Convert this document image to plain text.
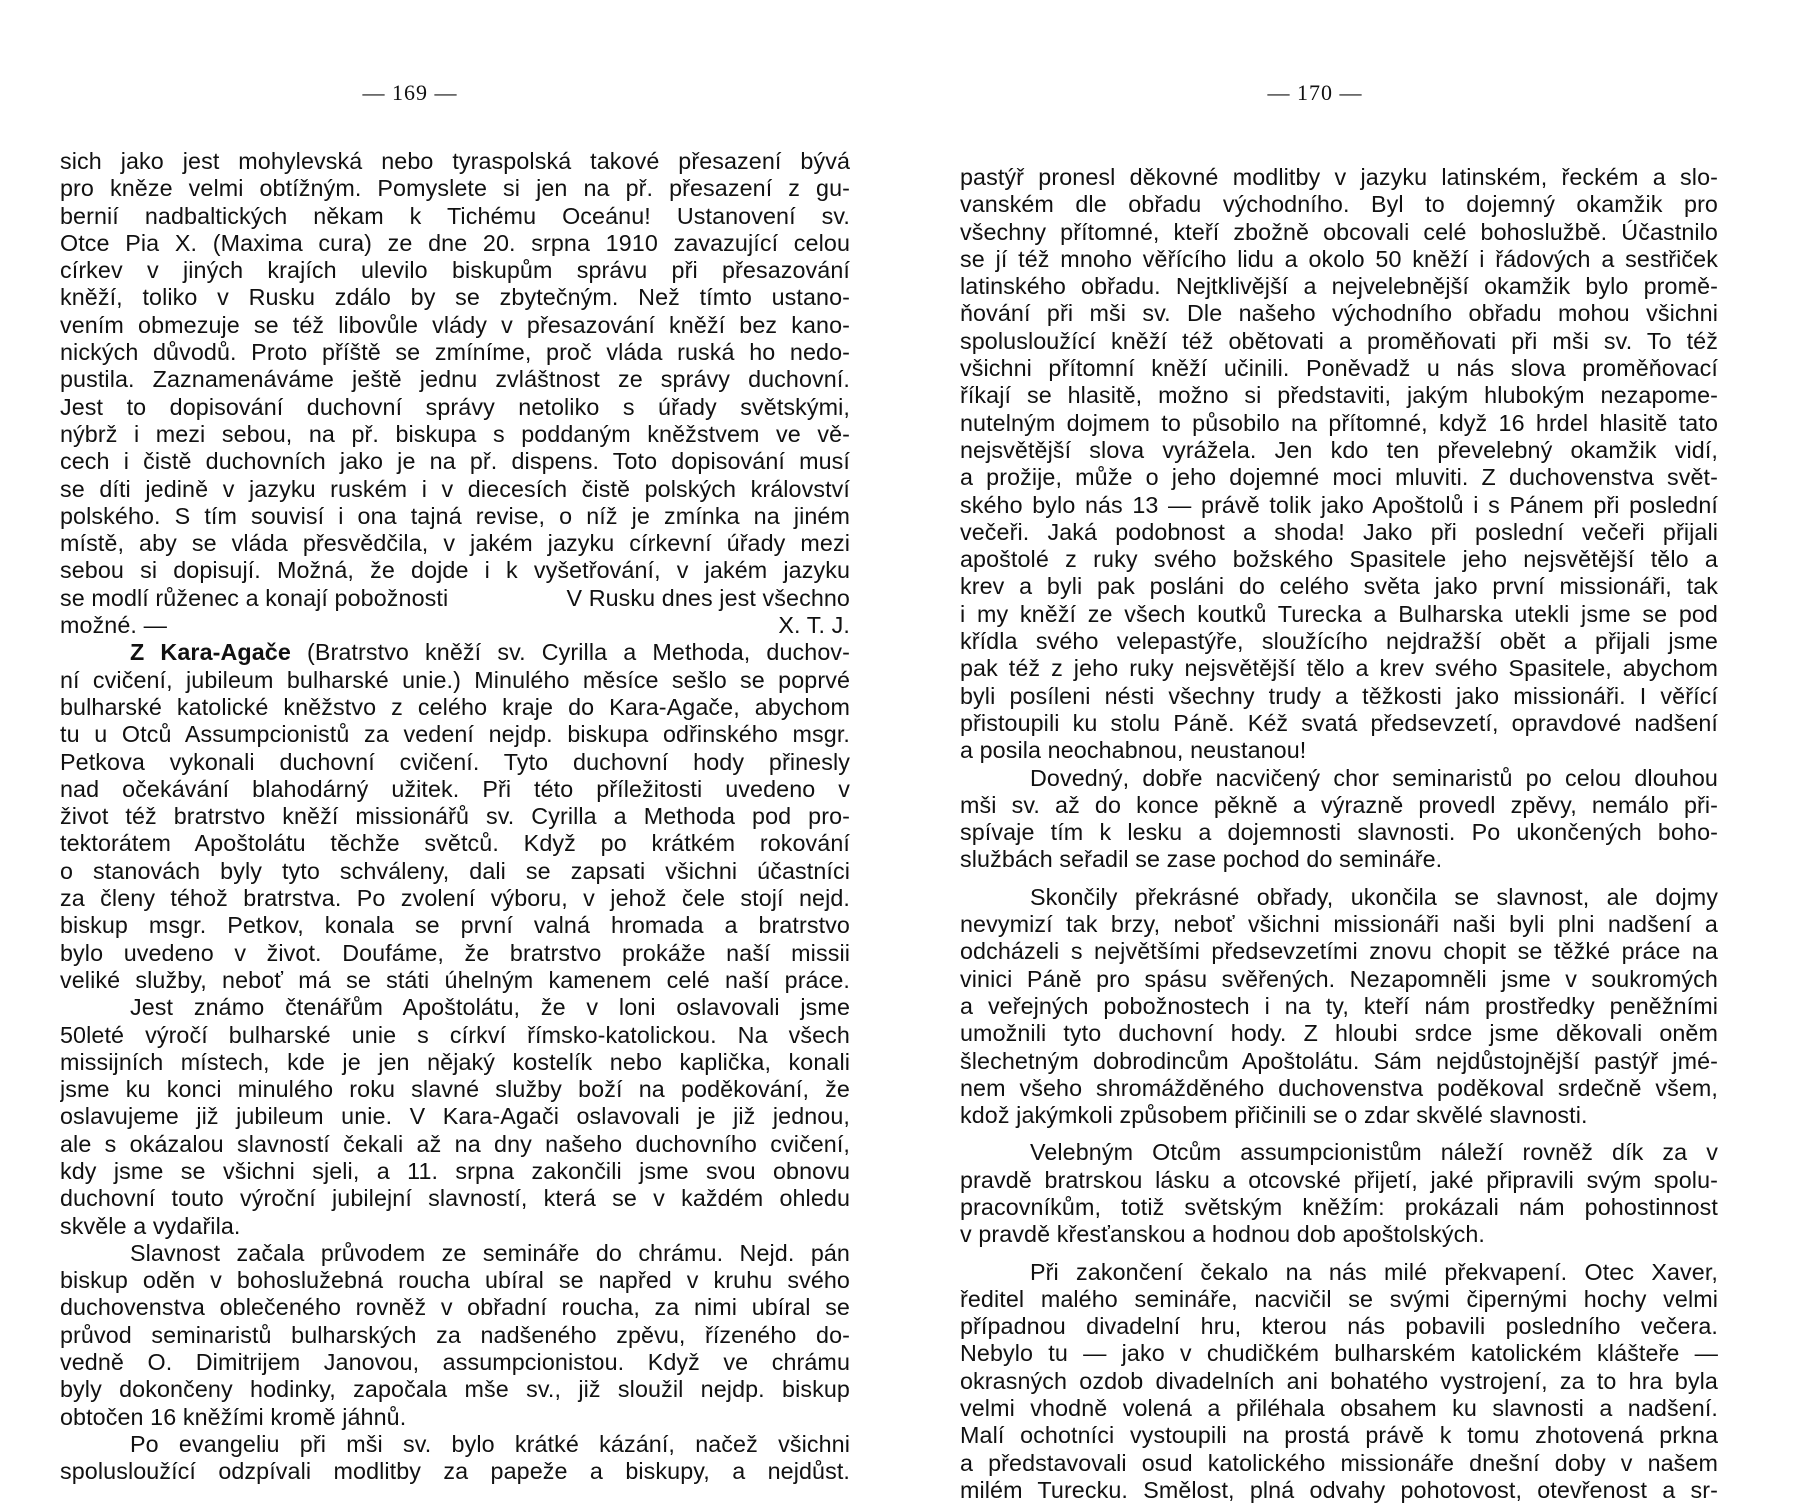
— 169 —
sich jako jest mohylevská nebo tyraspolská takové přesazení bývá
pro kněze velmi obtížným. Pomyslete si jen na př. přesazení z gu-
bernií nadbaltických někam k Tichému Oceánu! Ustanovení sv.
Otce Pia X. (Maxima cura) ze dne 20. srpna 1910 zavazující celou
církev v jiných krajích ulevilo biskupům správu při přesazování
kněží, toliko v Rusku zdálo by se zbytečným. Než tímto ustano-
vením obmezuje se též libovůle vlády v přesazování kněží bez kano-
nických důvodů. Proto příště se zmíníme, proč vláda ruská ho nedo-
pustila. Zaznamenáváme ještě jednu zvláštnost ze správy duchovní.
Jest to dopisování duchovní správy netoliko s úřady světskými,
nýbrž i mezi sebou, na př. biskupa s poddaným kněžstvem ve vě-
cech i čistě duchovních jako je na př. dispens. Toto dopisování musí
se díti jedině v jazyku ruském i v diecesích čistě polských království
polského. S tím souvisí i ona tajná revise, o níž je zmínka na jiném
místě, aby se vláda přesvědčila, v jakém jazyku církevní úřady mezi
sebou si dopisují. Možná, že dojde i k vyšetřování, v jakém jazyku
se modlí růženec a konají pobožnosti	V Rusku dnes jest všechno
možné. —	X. T. J.
Z Kara-Agače (Bratrstvo kněží sv. Cyrilla a Methoda, duchov-
ní cvičení, jubileum bulharské unie.) Minulého měsíce sešlo se poprvé
bulharské katolické kněžstvo z celého kraje do Kara-Agače, abychom
tu u Otců Assumpcionistů za vedení nejdp. biskupa odřinského msgr.
Petkova vykonali duchovní cvičení. Tyto duchovní hody přinesly
nad očekávání blahodárný užitek. Při této příležitosti uvedeno v
život též bratrstvo kněží missionářů sv. Cyrilla a Methoda pod pro-
tektorátem Apoštolátu těchže světců. Když po krátkém rokování
o stanovách byly tyto schváleny, dali se zapsati všichni účastníci
za členy téhož bratrstva. Po zvolení výboru, v jehož čele stojí nejd.
biskup msgr. Petkov, konala se první valná hromada a bratrstvo
bylo uvedeno v život. Doufáme, že bratrstvo prokáže naší missii
veliké služby, neboť má se státi úhelným kamenem celé naší práce.
Jest známo čtenářům Apoštolátu, že v loni oslavovali jsme
50leté výročí bulharské unie s církví římsko-katolickou. Na všech
missijních místech, kde je jen nějaký kostelík nebo kaplička, konali
jsme ku konci minulého roku slavné služby boží na poděkování, že
oslavujeme již jubileum unie. V Kara-Agači oslavovali je již jednou,
ale s okázalou slavností čekali až na dny našeho duchovního cvičení,
kdy jsme se všichni sjeli, a 11. srpna zakončili jsme svou obnovu
duchovní touto výroční jubilejní slavností, která se v každém ohledu
skvěle a vydařila.
Slavnost začala průvodem ze semináře do chrámu. Nejd. pán
biskup oděn v bohoslužebná roucha ubíral se napřed v kruhu svého
duchovenstva oblečeného rovněž v obřadní roucha, za nimi ubíral se
průvod seminaristů bulharských za nadšeného zpěvu, řízeného do-
vedně O. Dimitrijem Janovou, assumpcionistou. Když ve chrámu
byly dokončeny hodinky, započala mše sv., již sloužil nejdp. biskup
obtočen 16 kněžími kromě jáhnů.
Po evangeliu při mši sv. bylo krátké kázání, načež všichni
spolusloužící odzpívali modlitby za papeže a biskupy, a nejdůst.
— 170 —
pastýř pronesl děkovné modlitby v jazyku latinském, řeckém a slo-
vanském dle obřadu východního. Byl to dojemný okamžik pro
všechny přítomné, kteří zbožně obcovali celé bohoslužbě. Účastnilo
se jí též mnoho věřícího lidu a okolo 50 kněží i řádových a sestřiček
latinského obřadu. Nejtklivější a nejvelebnější okamžik bylo promě-
ňování při mši sv. Dle našeho východního obřadu mohou všichni
spolusloužící kněží též obětovati a proměňovati při mši sv. To též
všichni přítomní kněží učinili. Poněvadž u nás slova proměňovací
říkají se hlasitě, možno si představiti, jakým hlubokým nezapome-
nutelným dojmem to působilo na přítomné, když 16 hrdel hlasitě tato
nejsvětější slova vyrážela. Jen kdo ten převelebný okamžik vidí,
a prožije, může o jeho dojemné moci mluviti. Z duchovenstva svět-
ského bylo nás 13 — právě tolik jako Apoštolů i s Pánem při poslední
večeři. Jaká podobnost a shoda! Jako při poslední večeři přijali
apoštolé z ruky svého božského Spasitele jeho nejsvětější tělo a
krev a byli pak posláni do celého světa jako první missionáři, tak
i my kněží ze všech koutků Turecka a Bulharska utekli jsme se pod
křídla svého velepastýře, sloužícího nejdražší obět a přijali jsme
pak též z jeho ruky nejsvětější tělo a krev svého Spasitele, abychom
byli posíleni nésti všechny trudy a těžkosti jako missionáři. I věřící
přistoupili ku stolu Páně. Kéž svatá předsevzetí, opravdové nadšení
a posila neochabnou, neustanou!
Dovedný, dobře nacvičený chor seminaristů po celou dlouhou
mši sv. až do konce pěkně a výrazně provedl zpěvy, nemálo při-
spívaje tím k lesku a dojemnosti slavnosti. Po ukončených boho-
službách seřadil se zase pochod do semináře.
Skončily překrásné obřady, ukončila se slavnost, ale dojmy
nevymizí tak brzy, neboť všichni missionáři naši byli plni nadšení a
odcházeli s největšími předsevzetími znovu chopit se těžké práce na
vinici Páně pro spásu svěřených. Nezapomněli jsme v soukromých
a veřejných pobožnostech i na ty, kteří nám prostředky peněžními
umožnili tyto duchovní hody. Z hloubi srdce jsme děkovali oněm
šlechetným dobrodincům Apoštolátu. Sám nejdůstojnější pastýř jmé-
nem všeho shromážděného duchovenstva poděkoval srdečně všem,
kdož jakýmkoli způsobem přičinili se o zdar skvělé slavnosti.
Velebným Otcům assumpcionistům náleží rovněž dík za v
pravdě bratrskou lásku a otcovské přijetí, jaké připravili svým spolu-
pracovníkům, totiž světským kněžím: prokázali nám pohostinnost
v pravdě křesťanskou a hodnou dob apoštolských.
Při zakončení čekalo na nás milé překvapení. Otec Xaver,
ředitel malého semináře, nacvičil se svými čipernými hochy velmi
případnou divadelní hru, kterou nás pobavili posledního večera.
Nebylo tu — jako v chudičkém bulharském katolickém klášteře —
okrasných ozdob divadelních ani bohatého vystrojení, za to hra byla
velmi vhodně volená a přiléhala obsahem ku slavnosti a nadšení.
Malí ochotníci vystoupili na prostá právě k tomu zhotovená prkna
a představovali osud katolického missionáře dnešní doby v našem
milém Turecku. Smělost, plná odvahy pohotovost, otevřenost a sr-
